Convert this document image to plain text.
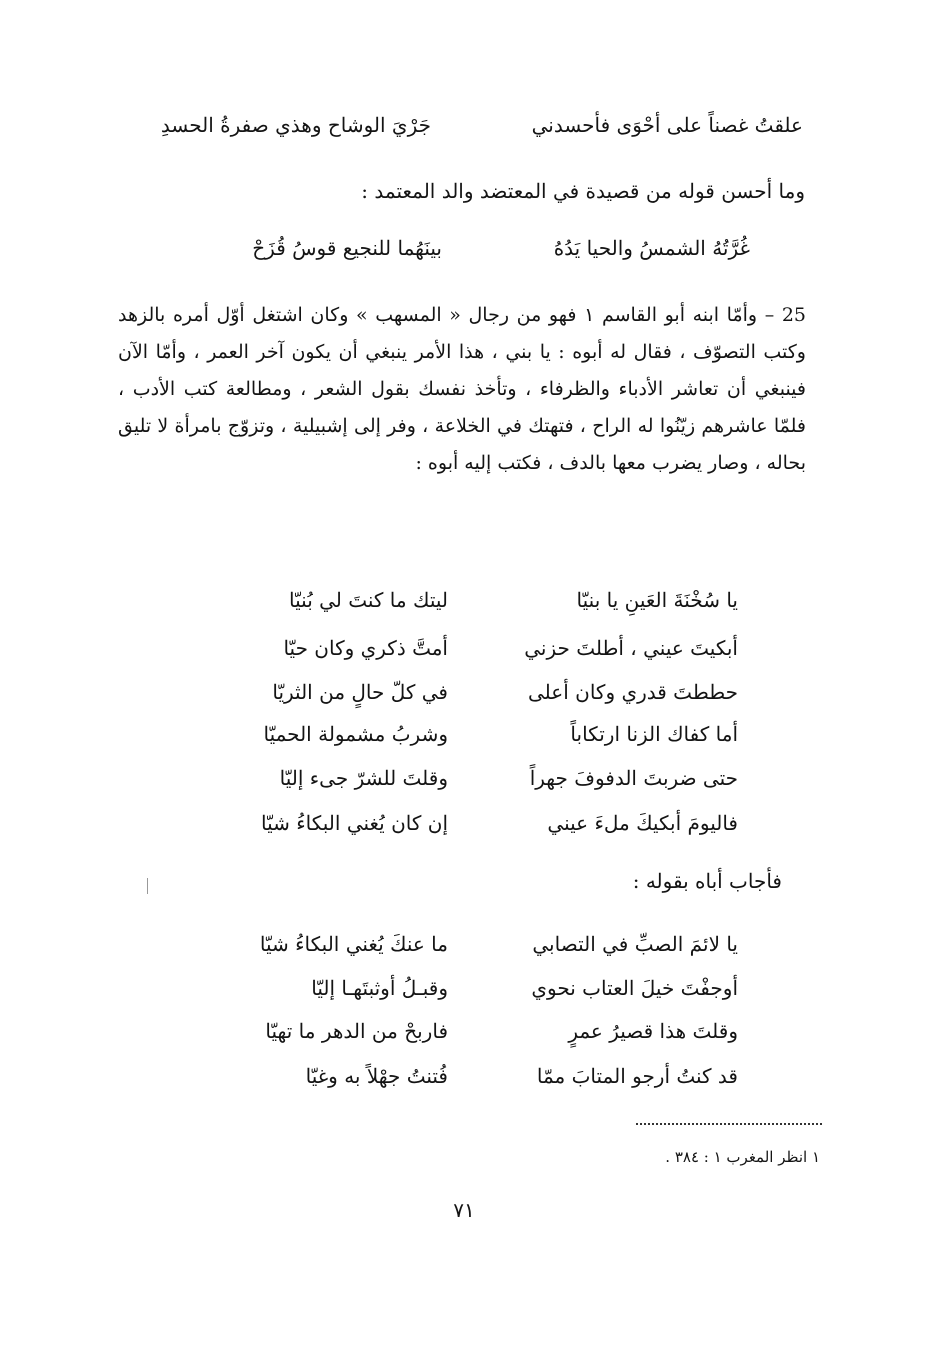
علقتُ غصناً على أحْوَى فأحسدني
جَرْيَ الوشاح وهذي صفرةُ الحسدِ
وما أحسن قوله من قصيدة في المعتضد والد المعتمد :
غُرَّتُهُ الشمسُ والحيا يَدُهُ
بينَهُما للنجيع قوسُ قُزَحْ
25 – وأمّا ابنه أبو القاسم ١ فهو من رجال « المسهب » وكان اشتغل أوّل أمره بالزهد وكتب التصوّف ، فقال له أبوه : يا بني ، هذا الأمر ينبغي أن يكون آخر العمر ، وأمّا الآن فينبغي أن تعاشر الأدباء والظرفاء ، وتأخذ نفسك بقول الشعر ، ومطالعة كتب الأدب ، فلمّا عاشرهم زيّنُوا له الراح ، فتهتك في الخلاعة ، وفر إلى إشبيلية ، وتزوّج بامرأة لا تليق بحاله ، وصار يضرب معها بالدف ، فكتب إليه أبوه :
يا سُخْنَةَ العَينِ يا بنيّا
ليتك ما كنتَ لي بُنيّا
أبكيتَ عيني ، أطلتَ حزني
أمتَّ ذكري وكان حيّا
حططتَ قدري وكان أعلى
في كلّ حالٍ من الثريّا
أما كفاك الزنا ارتكاباً
وشربُ مشمولة الحميّا
حتى ضربتَ الدفوفَ جهراً
وقلتَ للشرّ جىء إليّا
فاليومَ أبكيكَ ملءَ عيني
إن كان يُغني البكاءُ شيّا
فأجاب أباه بقوله :
يا لائمَ الصبِّ في التصابي
ما عنكَ يُغني البكاءُ شيّا
أوجفْتَ خيلَ العتاب نحوي
وقبـلُ أوثبتَهـا إليّا
وقلتَ هذا قصيرُ عمرٍ
فاربحْ من الدهر ما تهيّا
قد كنتُ أرجو المتابَ ممّا
فُتنتُ جهْلاً به وغيّا
١ انظر المغرب ١ : ٣٨٤ .
٧١
